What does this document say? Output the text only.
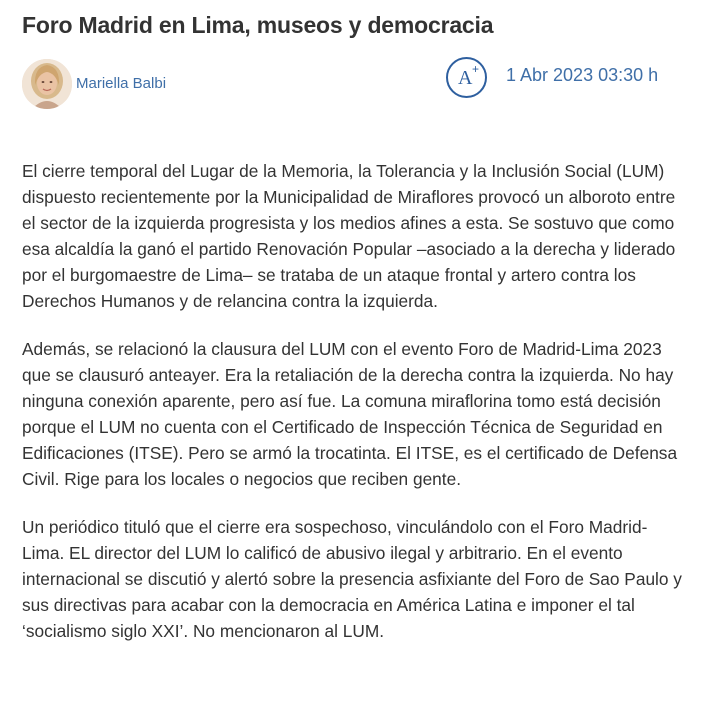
Foro Madrid en Lima, museos y democracia
Mariella Balbi	A + 1 Abr 2023 03:30 h

El cierre temporal del Lugar de la Memoria, la Tolerancia y la Inclusión Social (LUM) dispuesto recientemente por la Municipalidad de Miraflores provocó un alboroto entre el sector de la izquierda progresista y los medios afines a esta. Se sostuvo que como esa alcaldía la ganó el partido Renovación Popular –asociado a la derecha y liderado por el burgomaestre de Lima– se trataba de un ataque frontal y artero contra los Derechos Humanos y de relancina contra la izquierda.

Además, se relacionó la clausura del LUM con el evento Foro de Madrid-Lima 2023 que se clausuró anteayer. Era la retaliación de la derecha contra la izquierda. No hay ninguna conexión aparente, pero así fue. La comuna miraflorina tomo está decisión porque el LUM no cuenta con el Certificado de Inspección Técnica de Seguridad en Edificaciones (ITSE). Pero se armó la trocatinta. El ITSE, es el certificado de Defensa Civil. Rige para los locales o negocios que reciben gente.

Un periódico tituló que el cierre era sospechoso, vinculándolo con el Foro Madrid-Lima. EL director del LUM lo calificó de abusivo ilegal y arbitrario. En el evento internacional se discutió y alertó sobre la presencia asfixiante del Foro de Sao Paulo y sus directivas para acabar con la democracia en América Latina e imponer el tal ‘socialismo siglo XXI’. No mencionaron al LUM.
